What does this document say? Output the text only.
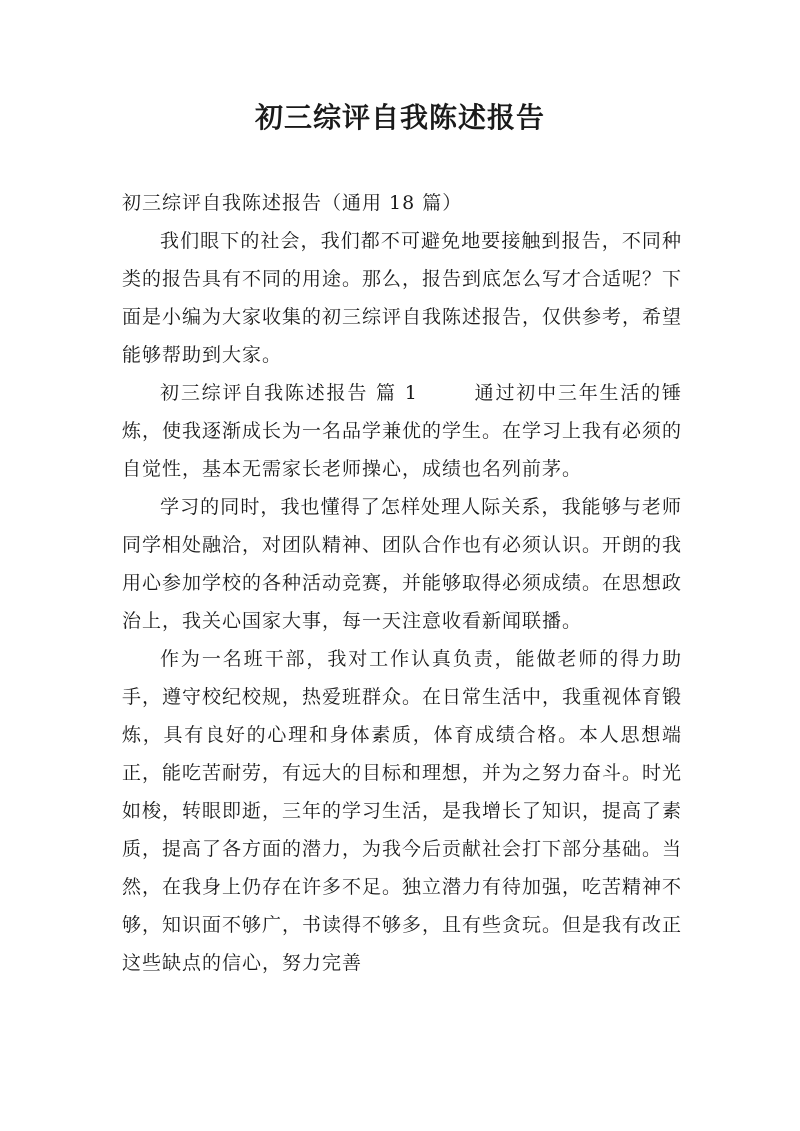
初三综评自我陈述报告

初三综评自我陈述报告（通用 18 篇）

我们眼下的社会，我们都不可避免地要接触到报告，不同种类的报告具有不同的用途。那么，报告到底怎么写才合适呢？下面是小编为大家收集的初三综评自我陈述报告，仅供参考，希望能够帮助到大家。

初三综评自我陈述报告 篇 1	通过初中三年生活的锤炼，使我逐渐成长为一名品学兼优的学生。在学习上我有必须的自觉性，基本无需家长老师操心，成绩也名列前茅。

学习的同时，我也懂得了怎样处理人际关系，我能够与老师同学相处融洽，对团队精神、团队合作也有必须认识。开朗的我用心参加学校的各种活动竞赛，并能够取得必须成绩。在思想政治上，我关心国家大事，每一天注意收看新闻联播。

作为一名班干部，我对工作认真负责，能做老师的得力助手，遵守校纪校规，热爱班群众。在日常生活中，我重视体育锻炼，具有良好的心理和身体素质，体育成绩合格。本人思想端正，能吃苦耐劳，有远大的目标和理想，并为之努力奋斗。时光如梭，转眼即逝，三年的学习生活，是我增长了知识，提高了素质，提高了各方面的潜力，为我今后贡献社会打下部分基础。当然，在我身上仍存在许多不足。独立潜力有待加强，吃苦精神不够，知识面不够广，书读得不够多，且有些贪玩。但是我有改正这些缺点的信心，努力完善
